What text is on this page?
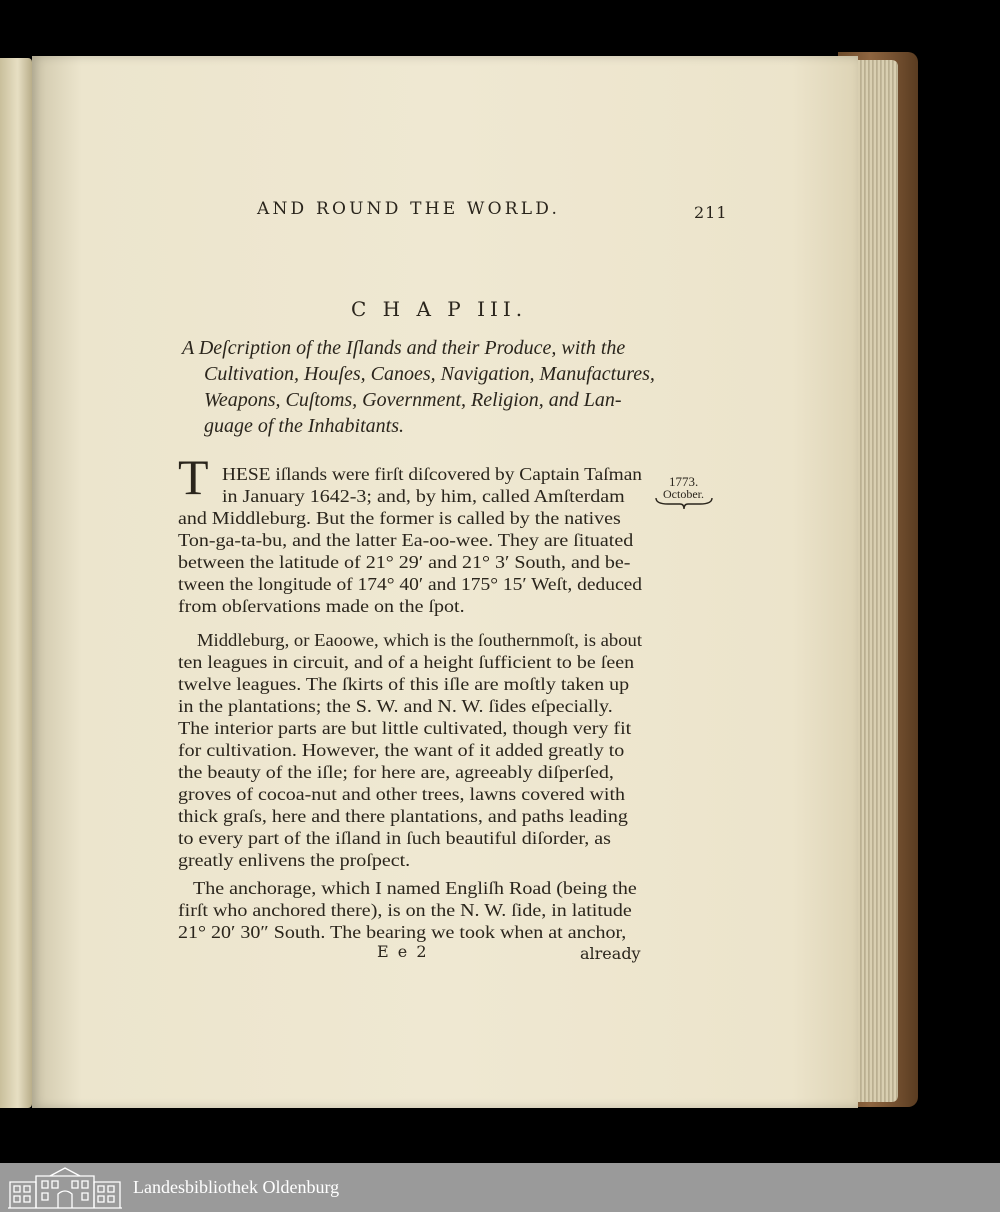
AND ROUND THE WORLD.	211
C H A P III.
A Deſcription of the Iſlands and their Produce, with the
Cultivation, Houſes, Canoes, Navigation, Manufactures,
Weapons, Cuſtoms, Government, Religion, and Lan-
guage of the Inhabitants.
T HESE iſlands were firſt diſcovered by Captain Taſman
in January 1642-3; and, by him, called Amſterdam
and Middleburg. But the former is called by the natives
Ton-ga-ta-bu, and the latter Ea-oo-wee. They are ſituated
between the latitude of 21° 29′ and 21° 3′ South, and be-
tween the longitude of 174° 40′ and 175° 15′ Weſt, deduced
from obſervations made on the ſpot.
1773.
October.
Middleburg, or Eaoowe, which is the ſouthernmoſt, is about
ten leagues in circuit, and of a height ſufficient to be ſeen
twelve leagues. The ſkirts of this iſle are moſtly taken up
in the plantations; the S. W. and N. W. ſides eſpecially.
The interior parts are but little cultivated, though very fit
for cultivation. However, the want of it added greatly to
the beauty of the iſle; for here are, agreeably diſperſed,
groves of cocoa-nut and other trees, lawns covered with
thick graſs, here and there plantations, and paths leading
to every part of the iſland in ſuch beautiful diſorder, as
greatly enlivens the proſpect.
The anchorage, which I named Engliſh Road (being the
firſt who anchored there), is on the N. W. ſide, in latitude
21° 20′ 30″ South. The bearing we took when at anchor,
E e 2	already
Landesbibliothek Oldenburg
